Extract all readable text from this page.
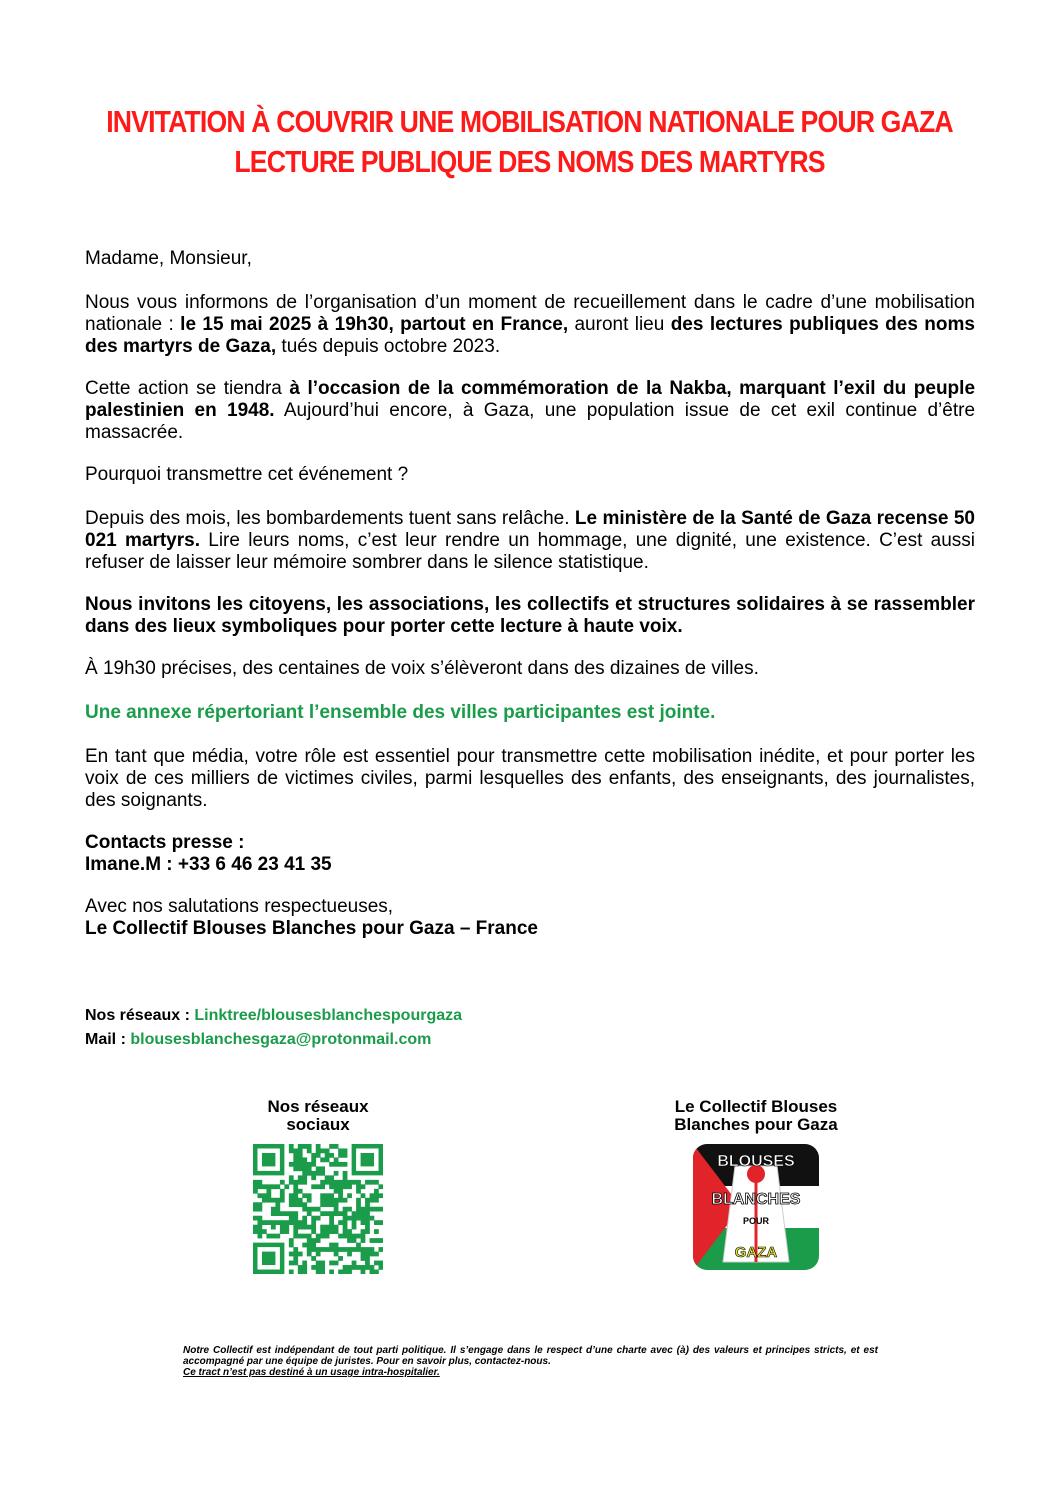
INVITATION À COUVRIR UNE MOBILISATION NATIONALE POUR GAZA
LECTURE PUBLIQUE DES NOMS DES MARTYRS

Madame, Monsieur,

Nous vous informons de l’organisation d’un moment de recueillement dans le cadre d’une mobilisation nationale : le 15 mai 2025 à 19h30, partout en France, auront lieu des lectures publiques des noms des martyrs de Gaza, tués depuis octobre 2023.

Cette action se tiendra à l’occasion de la commémoration de la Nakba, marquant l’exil du peuple palestinien en 1948. Aujourd’hui encore, à Gaza, une population issue de cet exil continue d’être massacrée.

Pourquoi transmettre cet événement ?

Depuis des mois, les bombardements tuent sans relâche. Le ministère de la Santé de Gaza recense 50 021 martyrs. Lire leurs noms, c’est leur rendre un hommage, une dignité, une existence. C’est aussi refuser de laisser leur mémoire sombrer dans le silence statistique.

Nous invitons les citoyens, les associations, les collectifs et structures solidaires à se rassembler dans des lieux symboliques pour porter cette lecture à haute voix.

À 19h30 précises, des centaines de voix s’élèveront dans des dizaines de villes.

Une annexe répertoriant l’ensemble des villes participantes est jointe.

En tant que média, votre rôle est essentiel pour transmettre cette mobilisation inédite, et pour porter les voix de ces milliers de victimes civiles, parmi lesquelles des enfants, des enseignants, des journalistes, des soignants.

Contacts presse :
Imane.M : +33 6 46 23 41 35

Avec nos salutations respectueuses,
Le Collectif Blouses Blanches pour Gaza – France

Nos réseaux : Linktree/blousesblanchespourgaza
Mail : blousesblanchesgaza@protonmail.com
Nos réseaux
sociaux
Le Collectif Blouses
Blanches pour Gaza
BLOUSES
BLANCHES
POUR
GAZA
Notre Collectif est indépendant de tout parti politique. Il s’engage dans le respect d’une charte avec (à) des valeurs et principes stricts, et est accompagné par une équipe de juristes. Pour en savoir plus, contactez-nous.
Ce tract n’est pas destiné à un usage intra-hospitalier.
